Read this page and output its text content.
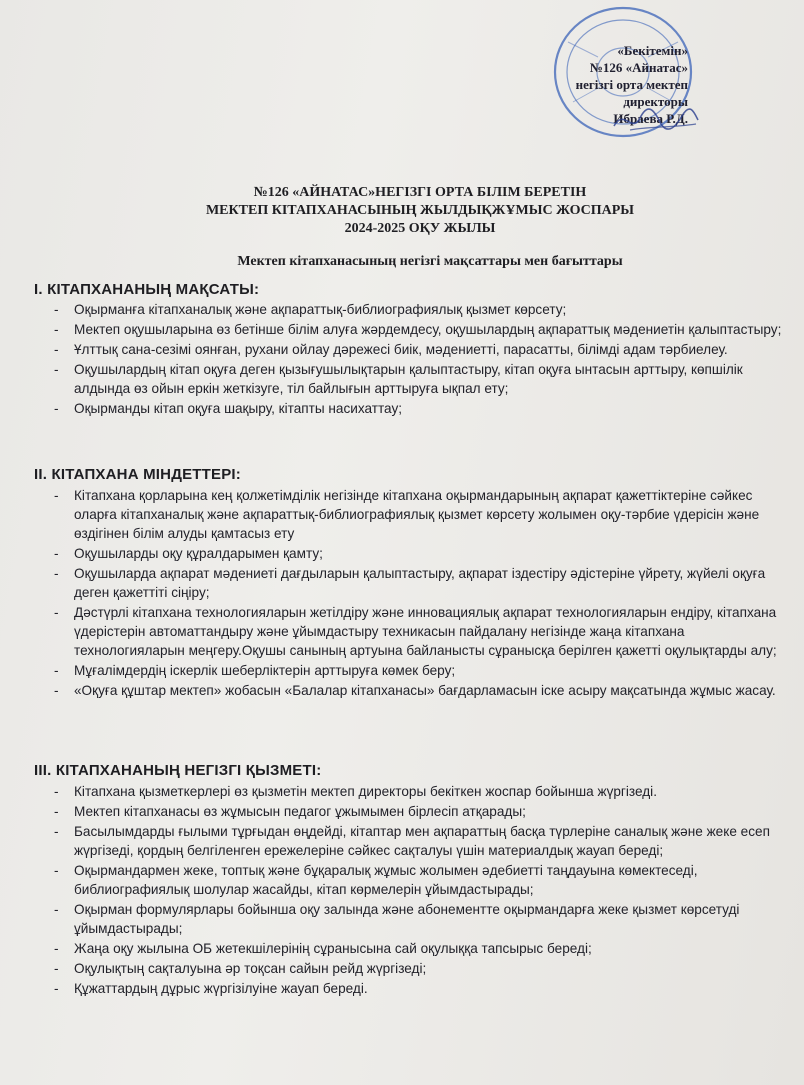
«Бекітемін»
№126 «Айнатас»
негізгі орта мектеп
директоры
Ибраева Р.Д.
№126 «АЙНАТАС»НЕГІЗГІ ОРТА БІЛІМ БЕРЕТІН
МЕКТЕП КІТАПХАНАСЫНЫҢ ЖЫЛДЫҚЖҰМЫС ЖОСПАРЫ
2024-2025 ОҚУ ЖЫЛЫ
Мектеп кітапханасының негізгі мақсаттары мен бағыттары
I. КІТАПХАНАНЫҢ МАҚСАТЫ:
- Оқырманға кітапханалық және ақпараттық-библиографиялық қызмет көрсету;
- Мектеп оқушыларына өз бетінше білім алуға жәрдемдесу, оқушылардың ақпараттық мәдениетін қалыптастыру;
- Ұлттық сана-сезімі оянған, рухани ойлау дәрежесі биік, мәдениетті, парасатты, білімді адам тәрбиелеу.
- Оқушылардың кітап оқуға деген қызығушылықтарын қалыптастыру, кітап оқуға ынтасын арттыру, көпшілік алдында өз ойын еркін жеткізуге, тіл байлығын арттыруға ықпал ету;
- Оқырманды кітап оқуға шақыру, кітапты насихаттау;
II. КІТАПХАНА МІНДЕТТЕРІ:
- Кітапхана қорларына кең қолжетімділік негізінде кітапхана оқырмандарының ақпарат қажеттіктеріне сәйкес оларға кітапханалық және ақпараттық-библиографиялық қызмет көрсету жолымен оқу-тәрбие үдерісін және өздігінен білім алуды қамтасыз ету
- Оқушыларды оқу құралдарымен қамту;
- Оқушыларда ақпарат мәдениеті дағдыларын қалыптастыру, ақпарат іздестіру әдістеріне үйрету, жүйелі оқуға деген қажеттіті сіңіру;
- Дәстүрлі кітапхана технологияларын жетілдіру және инновациялық ақпарат технологияларын ендіру, кітапхана үдерістерін автоматтандыру және ұйымдастыру техникасын пайдалану негізінде жаңа кітапхана технологияларын меңгеру.Оқушы санының артуына байланысты сұранысқа берілген қажетті оқулықтарды алу;
- Мұғалімдердің іскерлік шеберліктерін арттыруға көмек беру;
- «Оқуға құштар мектеп» жобасын «Балалар кітапханасы» бағдарламасын іске асыру мақсатында жұмыс жасау.
III. КІТАПХАНАНЫҢ НЕГІЗГІ ҚЫЗМЕТІ:
- Кітапхана қызметкерлері өз қызметін мектеп директоры бекіткен жоспар бойынша жүргізеді.
- Мектеп кітапханасы өз жұмысын педагог ұжымымен бірлесіп атқарады;
- Басылымдарды ғылыми тұрғыдан өңдейді, кітаптар мен ақпараттың басқа түрлеріне саналық және жеке есеп жүргізеді, қордың белгіленген ережелеріне сәйкес сақталуы үшін материалдық жауап береді;
- Оқырмандармен жеке, топтық және бұқаралық жұмыс жолымен әдебиетті таңдауына көмектеседі, библиографиялық шолулар жасайды, кітап көрмелерін ұйымдастырады;
- Оқырман формулярлары бойынша оқу залында және абонементте оқырмандарға жеке қызмет көрсетуді ұйымдастырады;
- Жаңа оқу жылына ОБ жетекшілерінің сұранысына сай оқулыққа тапсырыс береді;
- Оқулықтың сақталуына әр тоқсан сайын рейд жүргізеді;
- Құжаттардың дұрыс жүргізілуіне жауап береді.
